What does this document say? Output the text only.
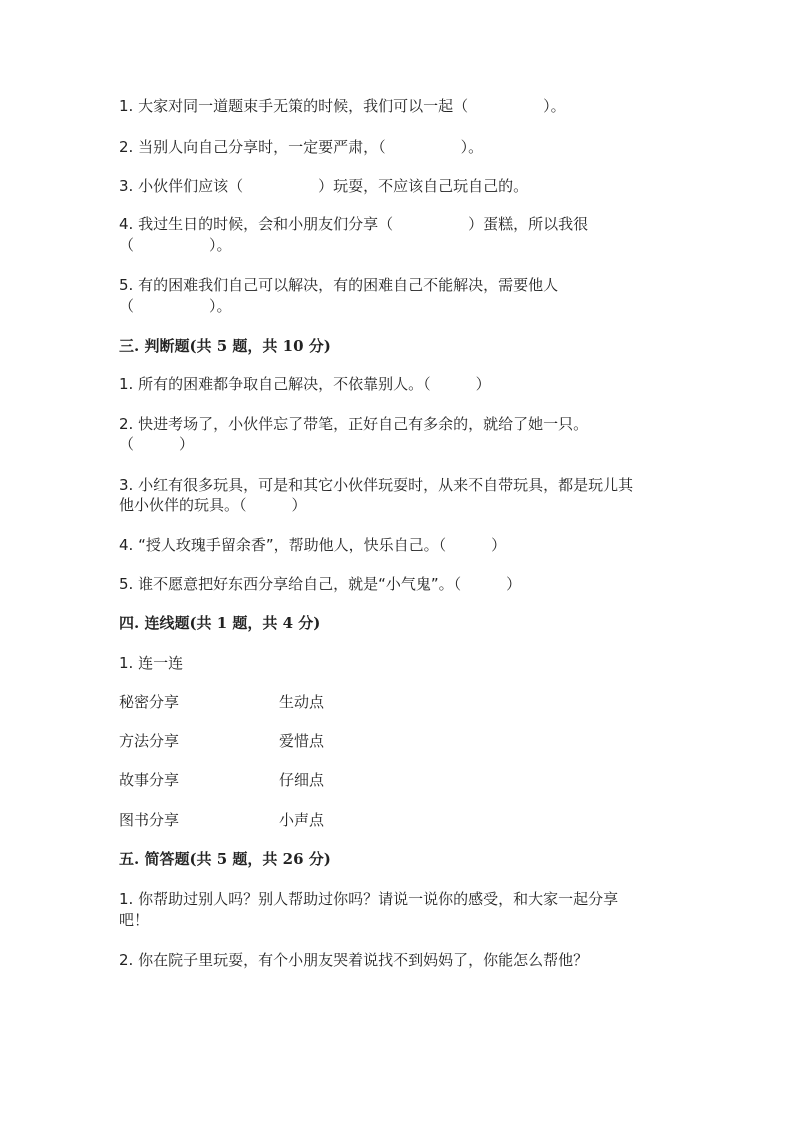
1. 大家对同一道题束手无策的时候，我们可以一起（　　　　　）。
2. 当别人向自己分享时，一定要严肃，（　　　　　）。
3. 小伙伴们应该（　　　　　）玩耍，不应该自己玩自己的。
4. 我过生日的时候，会和小朋友们分享（　　　　　）蛋糕，所以我很
（　　　　　）。
5. 有的困难我们自己可以解决，有的困难自己不能解决，需要他人
（　　　　　）。
三. 判断题(共 5 题，共 10 分)
1. 所有的困难都争取自己解决，不依靠别人。（　　　）
2. 快进考场了，小伙伴忘了带笔，正好自己有多余的，就给了她一只。
（　　　）
3. 小红有很多玩具，可是和其它小伙伴玩耍时，从来不自带玩具，都是玩儿其
他小伙伴的玩具。（　　　）
4. “授人玫瑰手留余香”，帮助他人，快乐自己。（　　　）
5. 谁不愿意把好东西分享给自己，就是“小气鬼”。（　　　）
四. 连线题(共 1 题，共 4 分)
1. 连一连
秘密分享	生动点
方法分享	爱惜点
故事分享	仔细点
图书分享	小声点
五. 简答题(共 5 题，共 26 分)
1. 你帮助过别人吗？别人帮助过你吗？请说一说你的感受，和大家一起分享
吧！
2. 你在院子里玩耍，有个小朋友哭着说找不到妈妈了，你能怎么帮他？
